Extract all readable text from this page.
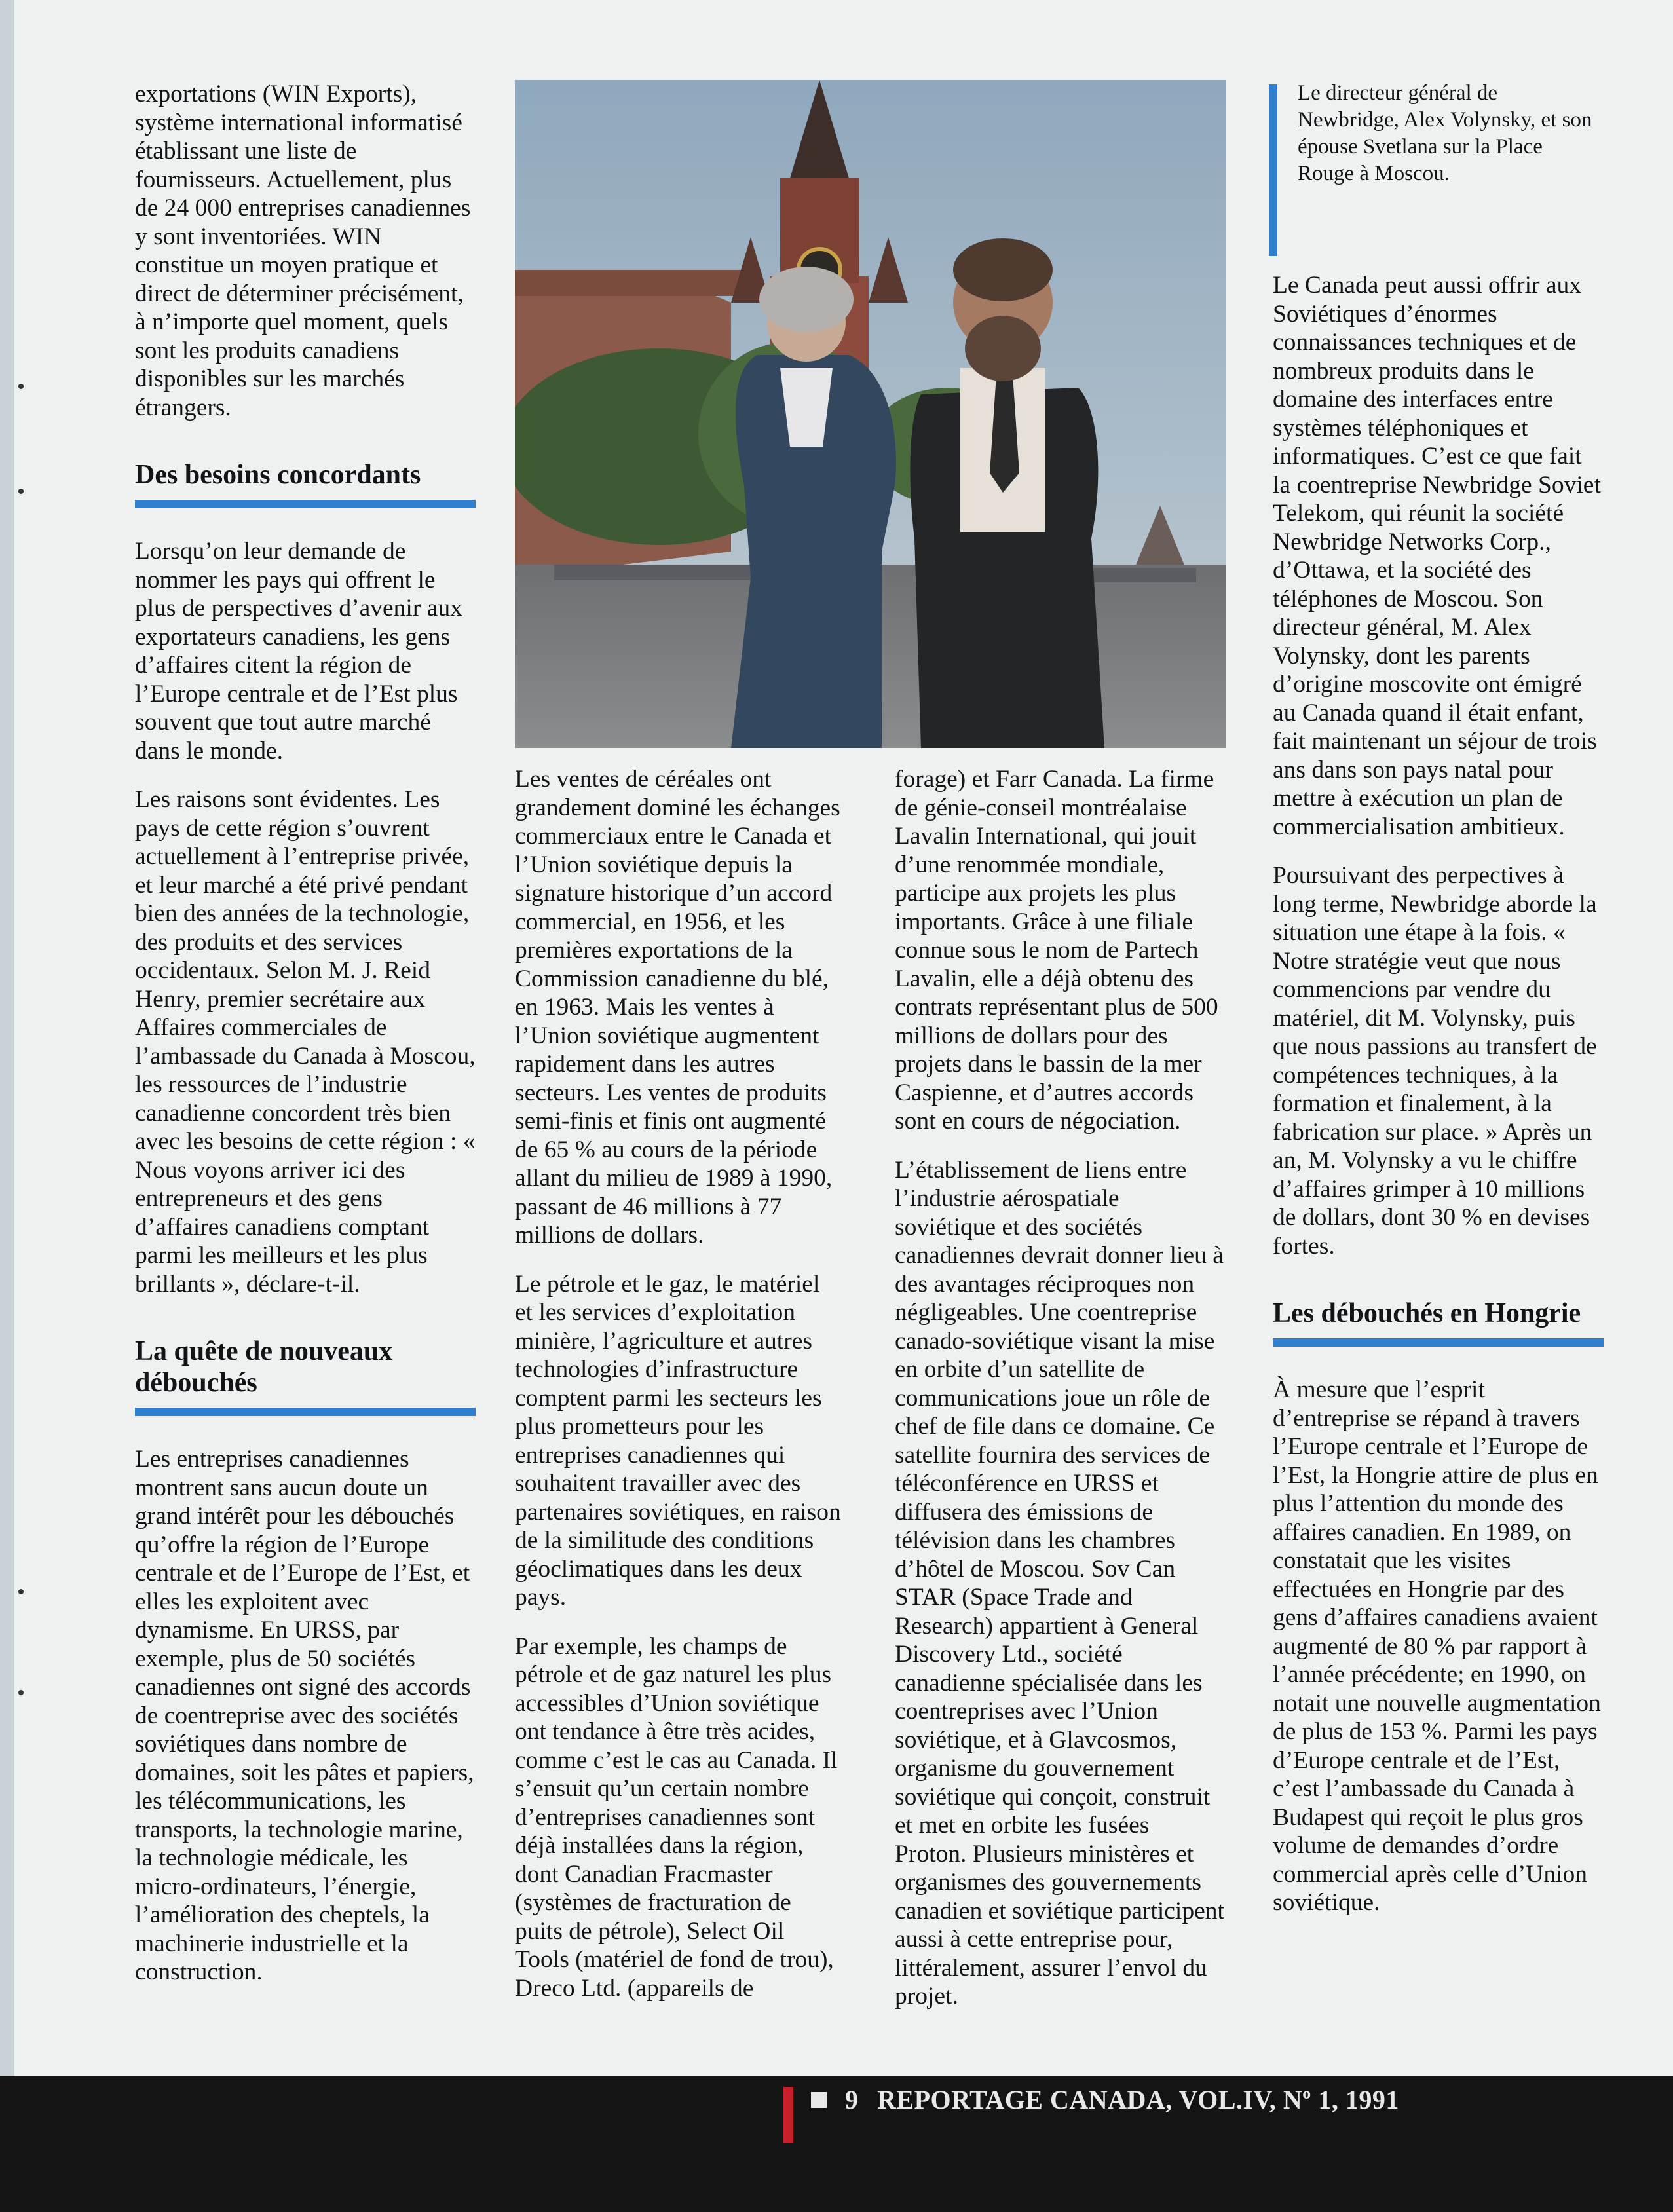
exportations (WIN Exports), système international informatisé établissant une liste de fournisseurs. Actuellement, plus de 24 000 entreprises canadiennes y sont inventoriées. WIN constitue un moyen pratique et direct de déterminer précisément, à n’importe quel moment, quels sont les produits canadiens disponibles sur les marchés étrangers.

Des besoins concordants

Lorsqu’on leur demande de nommer les pays qui offrent le plus de perspectives d’avenir aux exportateurs canadiens, les gens d’affaires citent la région de l’Europe centrale et de l’Est plus souvent que tout autre marché dans le monde.

Les raisons sont évidentes. Les pays de cette région s’ouvrent actuellement à l’entreprise privée, et leur marché a été privé pendant bien des années de la technologie, des produits et des services occidentaux. Selon M. J. Reid Henry, premier secrétaire aux Affaires commerciales de l’ambassade du Canada à Moscou, les ressources de l’industrie canadienne concordent très bien avec les besoins de cette région : « Nous voyons arriver ici des entrepreneurs et des gens d’affaires canadiens comptant parmi les meilleurs et les plus brillants », déclare-t-il.

La quête de nouveaux débouchés

Les entreprises canadiennes montrent sans aucun doute un grand intérêt pour les débouchés qu’offre la région de l’Europe centrale et de l’Europe de l’Est, et elles les exploitent avec dynamisme. En URSS, par exemple, plus de 50 sociétés canadiennes ont signé des accords de coentreprise avec des sociétés soviétiques dans nombre de domaines, soit les pâtes et papiers, les télécommunications, les transports, la technologie marine, la technologie médicale, les micro-ordinateurs, l’énergie, l’amélioration des cheptels, la machinerie industrielle et la construction.

Les ventes de céréales ont grandement dominé les échanges commerciaux entre le Canada et l’Union soviétique depuis la signature historique d’un accord commercial, en 1956, et les premières exportations de la Commission canadienne du blé, en 1963. Mais les ventes à l’Union soviétique augmentent rapidement dans les autres secteurs. Les ventes de produits semi-finis et finis ont augmenté de 65 % au cours de la période allant du milieu de 1989 à 1990, passant de 46 millions à 77 millions de dollars.

Le pétrole et le gaz, le matériel et les services d’exploitation minière, l’agriculture et autres technologies d’infrastructure comptent parmi les secteurs les plus prometteurs pour les entreprises canadiennes qui souhaitent travailler avec des partenaires soviétiques, en raison de la similitude des conditions géoclimatiques dans les deux pays.

Par exemple, les champs de pétrole et de gaz naturel les plus accessibles d’Union soviétique ont tendance à être très acides, comme c’est le cas au Canada. Il s’ensuit qu’un certain nombre d’entreprises canadiennes sont déjà installées dans la région, dont Canadian Fracmaster (systèmes de fracturation de puits de pétrole), Select Oil Tools (matériel de fond de trou), Dreco Ltd. (appareils de

forage) et Farr Canada. La firme de génie-conseil montréalaise Lavalin International, qui jouit d’une renommée mondiale, participe aux projets les plus importants. Grâce à une filiale connue sous le nom de Partech Lavalin, elle a déjà obtenu des contrats représentant plus de 500 millions de dollars pour des projets dans le bassin de la mer Caspienne, et d’autres accords sont en cours de négociation.

L’établissement de liens entre l’industrie aérospatiale soviétique et des sociétés canadiennes devrait donner lieu à des avantages réciproques non négligeables. Une coentreprise canado-soviétique visant la mise en orbite d’un satellite de communications joue un rôle de chef de file dans ce domaine. Ce satellite fournira des services de téléconférence en URSS et diffusera des émissions de télévision dans les chambres d’hôtel de Moscou. Sov Can STAR (Space Trade and Research) appartient à General Discovery Ltd., société canadienne spécialisée dans les coentreprises avec l’Union soviétique, et à Glavcosmos, organisme du gouvernement soviétique qui conçoit, construit et met en orbite les fusées Proton. Plusieurs ministères et organismes des gouvernements canadien et soviétique participent aussi à cette entreprise pour, littéralement, assurer l’envol du projet.

Le directeur général de Newbridge, Alex Volynsky, et son épouse Svetlana sur la Place Rouge à Moscou.

Le Canada peut aussi offrir aux Soviétiques d’énormes connaissances techniques et de nombreux produits dans le domaine des interfaces entre systèmes téléphoniques et informatiques. C’est ce que fait la coentreprise Newbridge Soviet Telekom, qui réunit la société Newbridge Networks Corp., d’Ottawa, et la société des téléphones de Moscou. Son directeur général, M. Alex Volynsky, dont les parents d’origine moscovite ont émigré au Canada quand il était enfant, fait maintenant un séjour de trois ans dans son pays natal pour mettre à exécution un plan de commercialisation ambitieux.

Poursuivant des perpectives à long terme, Newbridge aborde la situation une étape à la fois. « Notre stratégie veut que nous commencions par vendre du matériel, dit M. Volynsky, puis que nous passions au transfert de compétences techniques, à la formation et finalement, à la fabrication sur place. » Après un an, M. Volynsky a vu le chiffre d’affaires grimper à 10 millions de dollars, dont 30 % en devises fortes.

Les débouchés en Hongrie

À mesure que l’esprit d’entreprise se répand à travers l’Europe centrale et l’Europe de l’Est, la Hongrie attire de plus en plus l’attention du monde des affaires canadien. En 1989, on constatait que les visites effectuées en Hongrie par des gens d’affaires canadiens avaient augmenté de 80 % par rapport à l’année précédente; en 1990, on notait une nouvelle augmentation de plus de 153 %. Parmi les pays d’Europe centrale et de l’Est, c’est l’ambassade du Canada à Budapest qui reçoit le plus gros volume de demandes d’ordre commercial après celle d’Union soviétique.

9 REPORTAGE CANADA, VOL.IV, Nº 1, 1991
